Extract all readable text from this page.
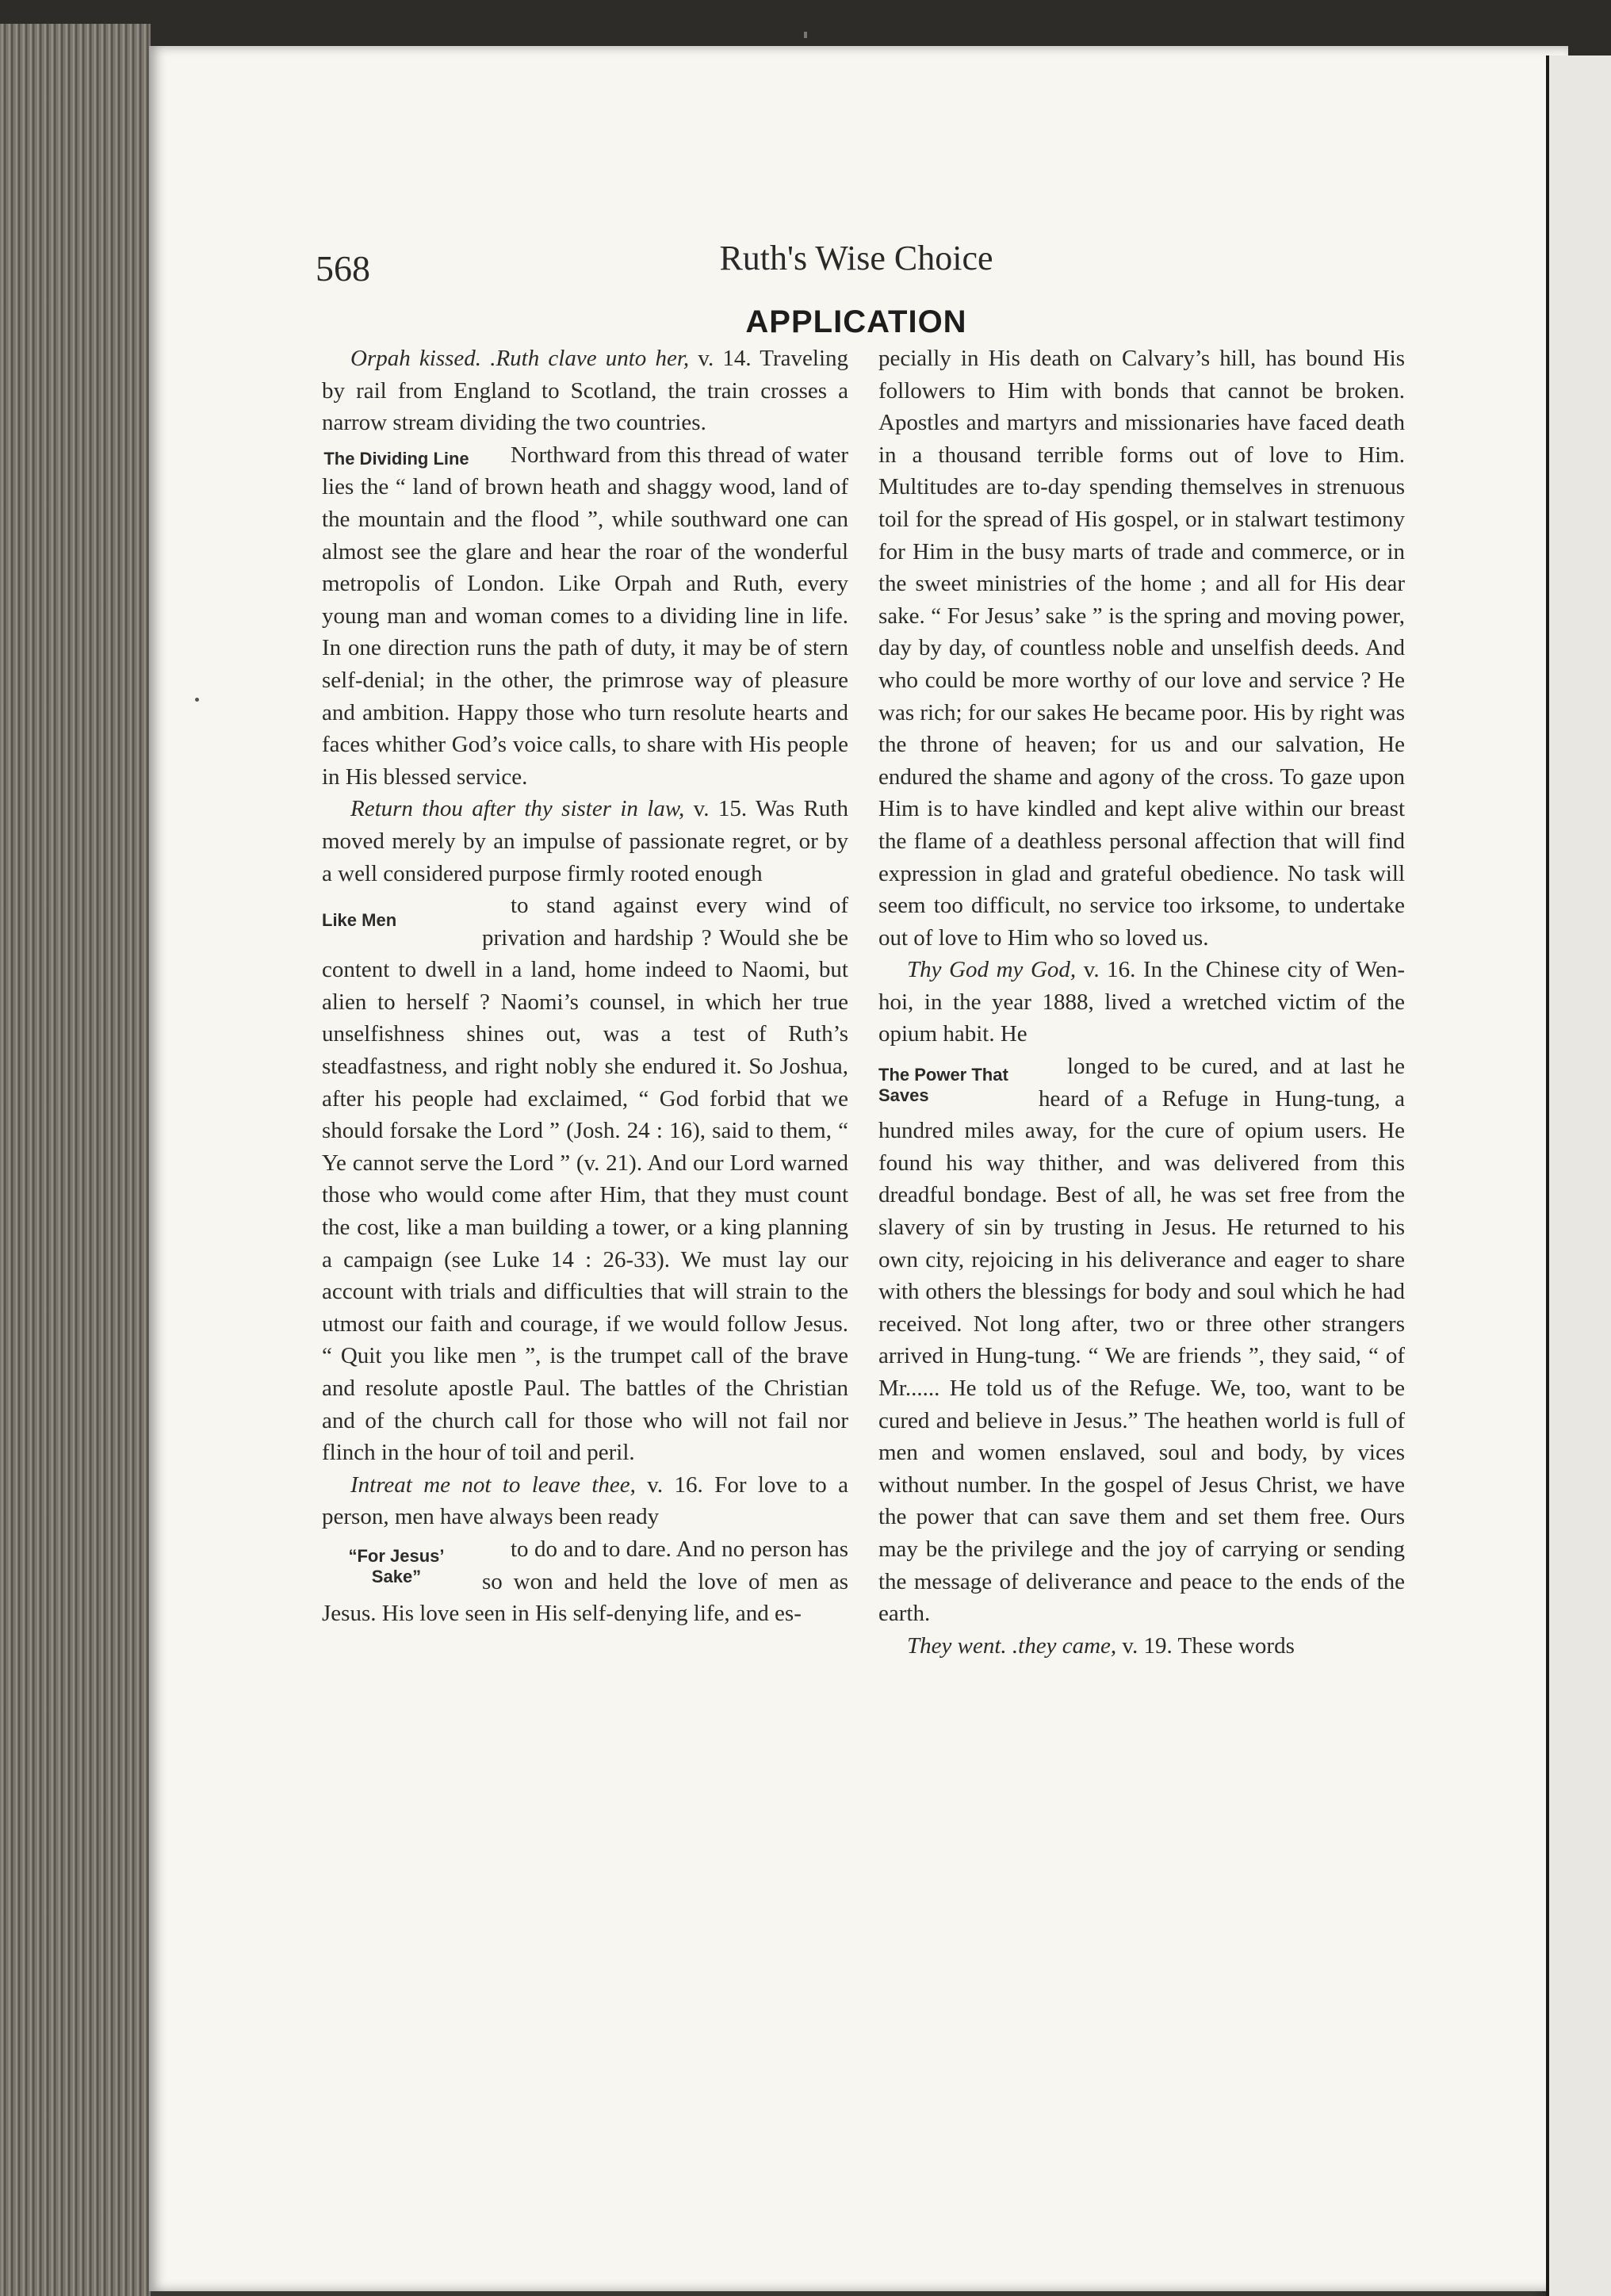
568	Ruth's Wise Choice
APPLICATION

Orpah kissed. .Ruth clave unto her, v. 14. Traveling by rail from England to Scotland, the train crosses a narrow stream dividing the two countries.

The Dividing Line	Northward from this thread of water lies the “ land of brown heath and shaggy wood, land of the mountain and the flood ”, while southward one can almost see the glare and hear the roar of the wonderful metropolis of London. Like Orpah and Ruth, every young man and woman comes to a dividing line in life. In one direction runs the path of duty, it may be of stern self-denial; in the other, the primrose way of pleasure and ambition. Happy those who turn resolute hearts and faces whither God’s voice calls, to share with His people in His blessed service.

Return thou after thy sister in law, v. 15. Was Ruth moved merely by an impulse of passionate regret, or by a well considered purpose firmly rooted enough

Like Men

to stand against every wind of privation and hardship ? Would she be content to dwell in a land, home indeed to Naomi, but alien to herself ? Naomi’s counsel, in which her true unselfishness shines out, was a test of Ruth’s steadfastness, and right nobly she endured it. So Joshua, after his people had exclaimed, “ God forbid that we should forsake the Lord ” (Josh. 24 : 16), said to them, “ Ye cannot serve the Lord ” (v. 21). And our Lord warned those who would come after Him, that they must count the cost, like a man building a tower, or a king planning a campaign (see Luke 14 : 26-33). We must lay our account with trials and difficulties that will strain to the utmost our faith and courage, if we would follow Jesus. “ Quit you like men ”, is the trumpet call of the brave and resolute apostle Paul. The battles of the Christian and of the church call for those who will not fail nor flinch in the hour of toil and peril.

Intreat me not to leave thee, v. 16. For love to a person, men have always been ready

“For Jesus’ Sake”

to do and to dare. And no person has so won and held the love of men as Jesus. His love seen in His self-denying life, and es-

pecially in His death on Calvary’s hill, has bound His followers to Him with bonds that cannot be broken. Apostles and martyrs and missionaries have faced death in a thousand terrible forms out of love to Him. Multitudes are to-day spending themselves in strenuous toil for the spread of His gospel, or in stalwart testimony for Him in the busy marts of trade and commerce, or in the sweet ministries of the home ; and all for His dear sake. “ For Jesus’ sake ” is the spring and moving power, day by day, of countless noble and unselfish deeds. And who could be more worthy of our love and service ? He was rich; for our sakes He became poor. His by right was the throne of heaven; for us and our salvation, He endured the shame and agony of the cross. To gaze upon Him is to have kindled and kept alive within our breast the flame of a deathless personal affection that will find expression in glad and grateful obedience. No task will seem too difficult, no service too irksome, to undertake out of love to Him who so loved us.

Thy God my God, v. 16. In the Chinese city of Wen-hoi, in the year 1888, lived a wretched victim of the opium habit. He

The Power That Saves

longed to be cured, and at last he heard of a Refuge in Hung-tung, a hundred miles away, for the cure of opium users. He found his way thither, and was delivered from this dreadful bondage. Best of all, he was set free from the slavery of sin by trusting in Jesus. He returned to his own city, rejoicing in his deliverance and eager to share with others the blessings for body and soul which he had received. Not long after, two or three other strangers arrived in Hung-tung. “ We are friends ”, they said, “ of Mr...... He told us of the Refuge. We, too, want to be cured and believe in Jesus.” The heathen world is full of men and women enslaved, soul and body, by vices without number. In the gospel of Jesus Christ, we have the power that can save them and set them free. Ours may be the privilege and the joy of carrying or sending the message of deliverance and peace to the ends of the earth.

They went. .they came, v. 19. These words
